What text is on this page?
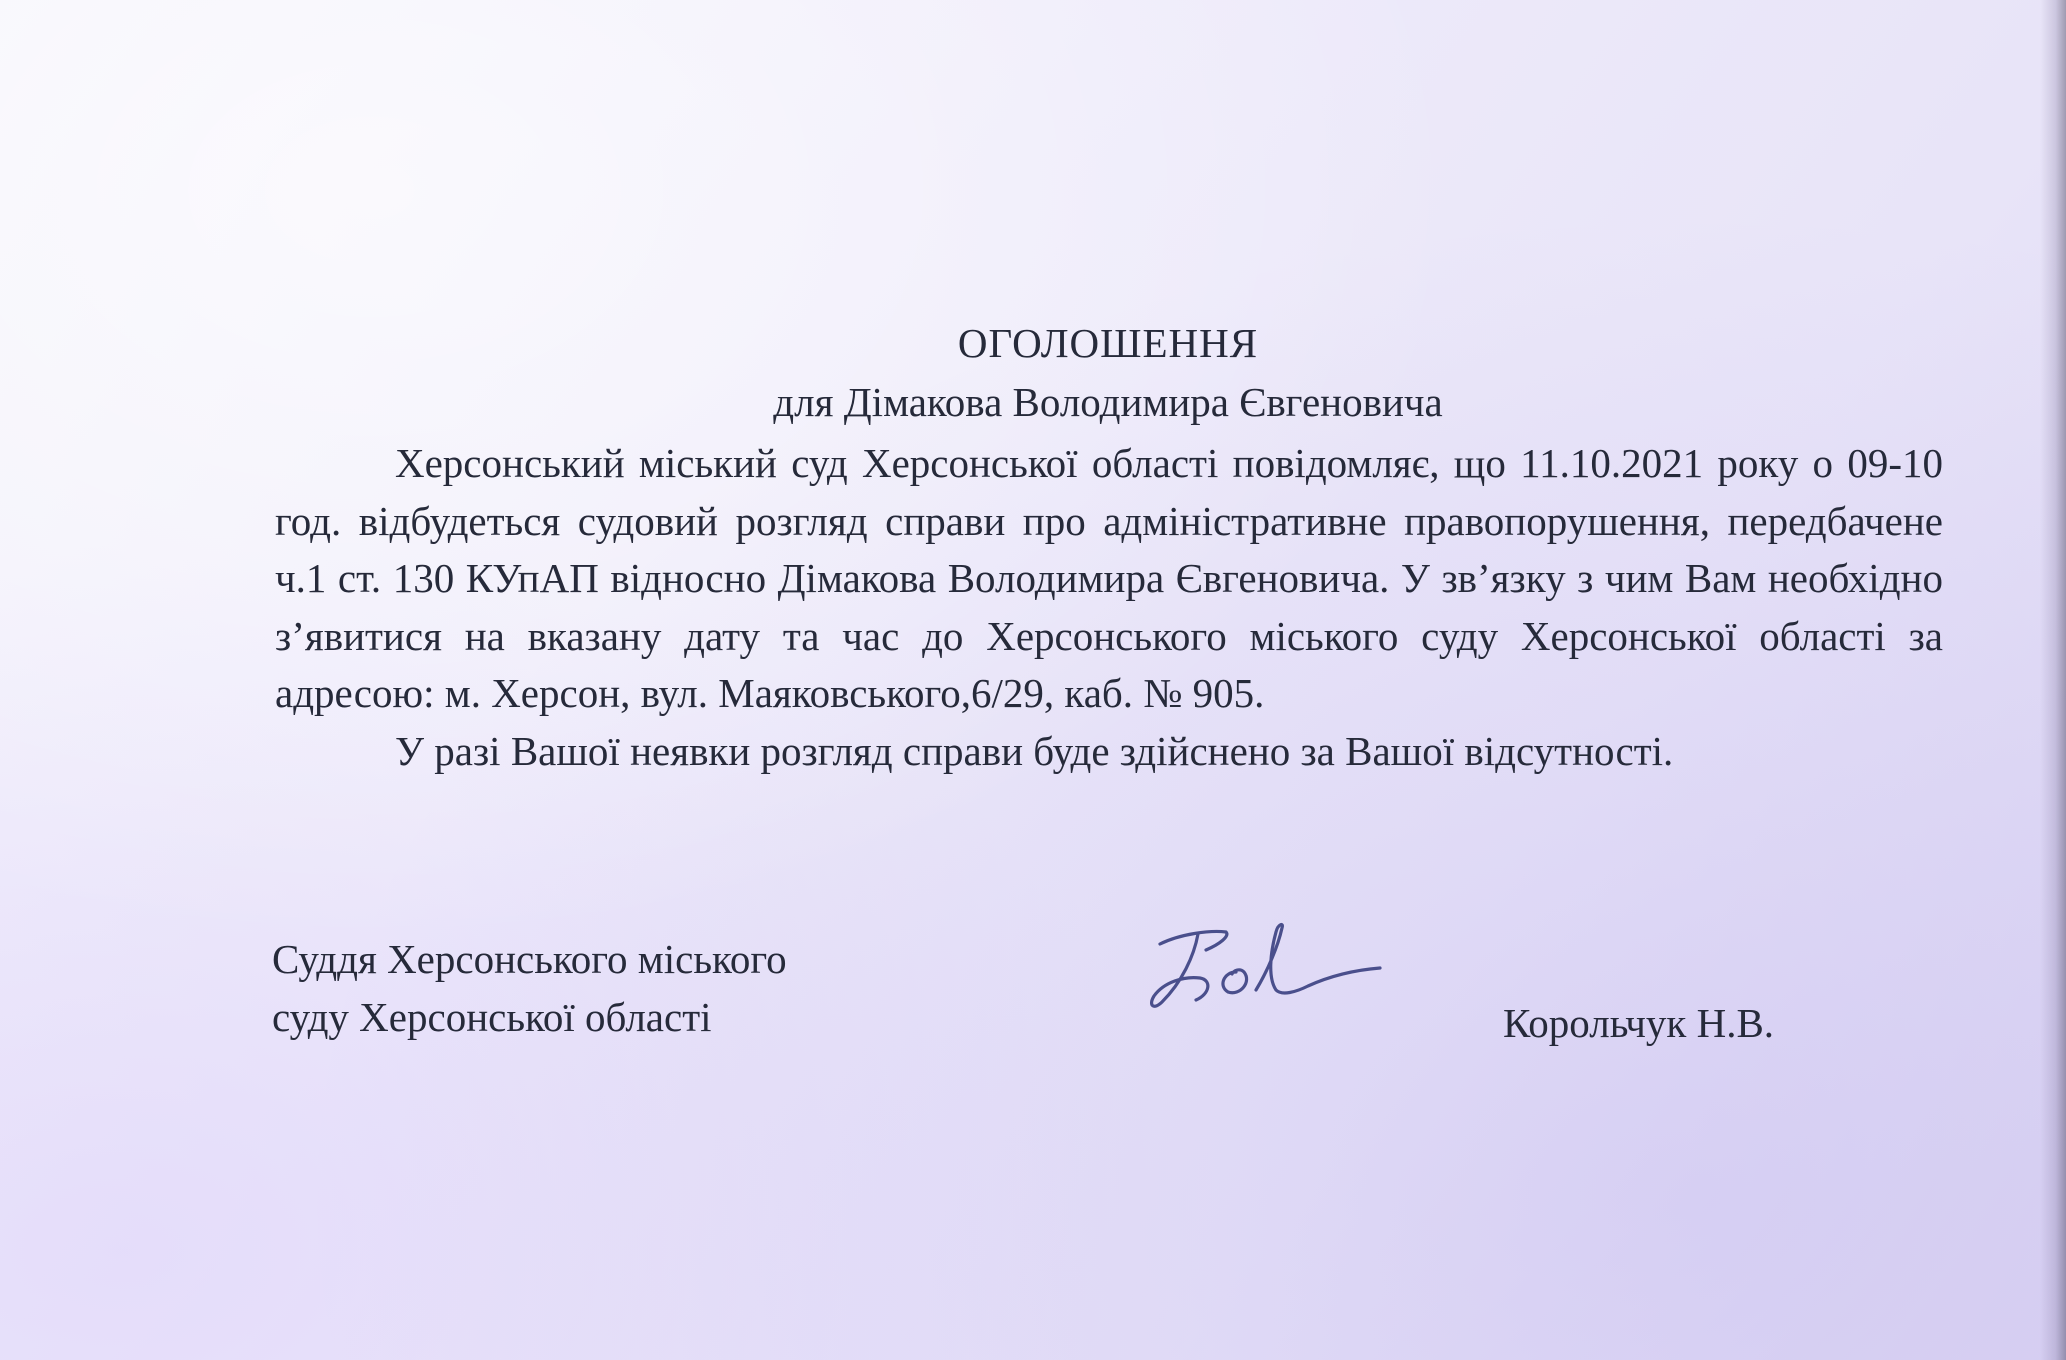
ОГОЛОШЕННЯ

для Дімакова Володимира Євгеновича

Херсонський міський суд Херсонської області повідомляє, що 11.10.2021 року о 09-10 год. відбудеться судовий розгляд справи про адміністративне правопорушення, передбачене ч.1 ст. 130 КУпАП відносно Дімакова Володимира Євгеновича. У зв’язку з чим Вам необхідно з’явитися на вказану дату та час до Херсонського міського суду Херсонської області за адресою: м. Херсон, вул. Маяковського,6/29, каб. № 905.

У разі Вашої неявки розгляд справи буде здійснено за Вашої відсутності.

Суддя Херсонського міського
суду Херсонської області	Корольчук Н.В.
